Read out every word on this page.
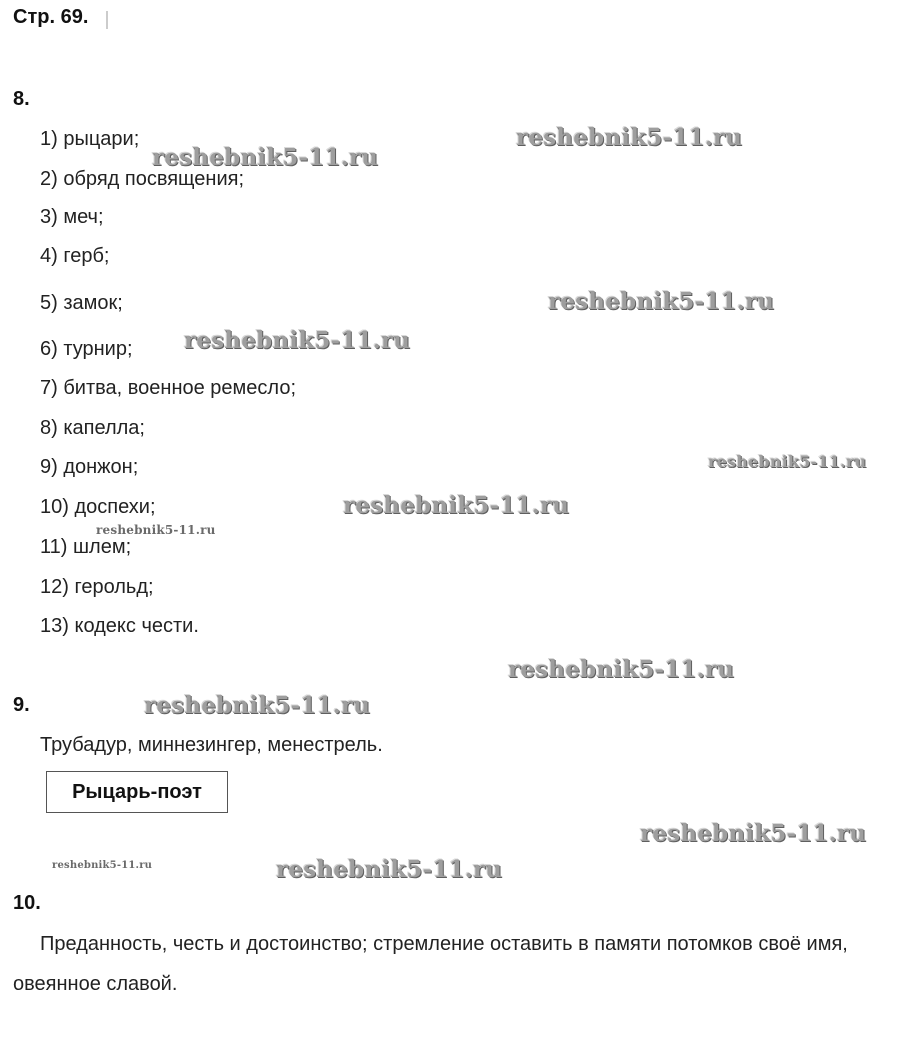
Стр. 69.
8.
1) рыцари;
2) обряд посвящения;
3) меч;
4) герб;
5) замок;
6) турнир;
7) битва, военное ремесло;
8) капелла;
9) донжон;
10) доспехи;
11) шлем;
12) герольд;
13) кодекс чести.
9.
Трубадур, миннезингер, менестрель.
Рыцарь-поэт
10.
Преданность, честь и достоинство; стремление оставить в памяти потомков своё имя, овеянное славой.
reshebnik5-11.ru
reshebnik5-11.ru
reshebnik5-11.ru
reshebnik5-11.ru
reshebnik5-11.ru
reshebnik5-11.ru
reshebnik5-11.ru
reshebnik5-11.ru
reshebnik5-11.ru
reshebnik5-11.ru
reshebnik5-11.ru	reshebnik5-11.ru
